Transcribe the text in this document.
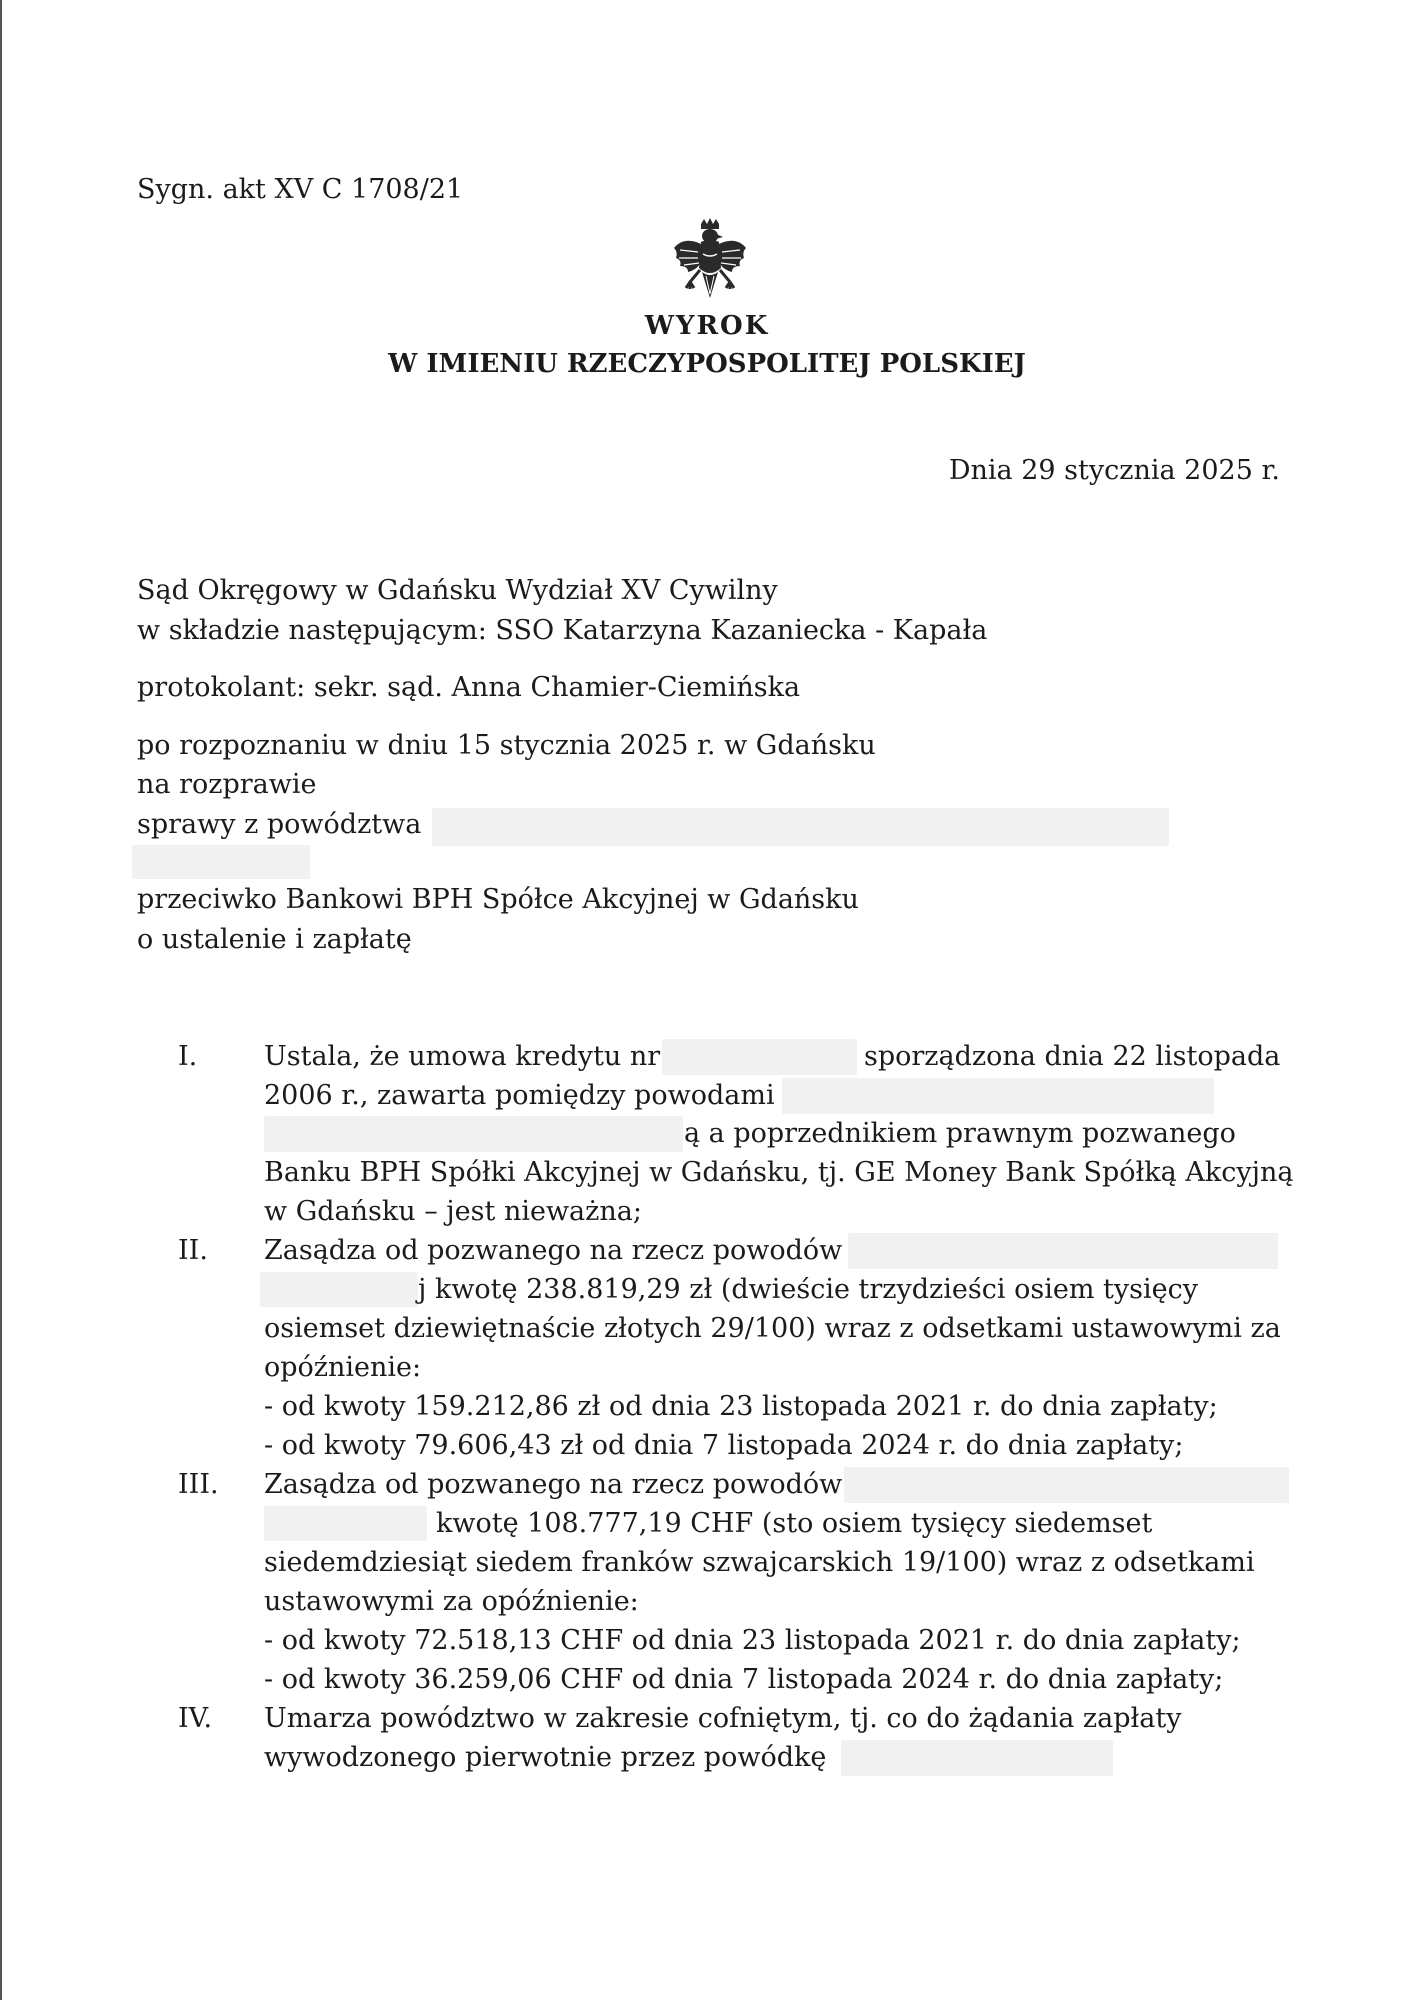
Sygn. akt XV C 1708/21
WYROK
W IMIENIU RZECZYPOSPOLITEJ POLSKIEJ
Dnia 29 stycznia 2025 r.
Sąd Okręgowy w Gdańsku Wydział XV Cywilny
w składzie następującym: SSO Katarzyna Kazaniecka - Kapała
protokolant: sekr. sąd. Anna Chamier-Ciemińska
po rozpoznaniu w dniu 15 stycznia 2025 r. w Gdańsku
na rozprawie
sprawy z powództwa
przeciwko Bankowi BPH Spółce Akcyjnej w Gdańsku
o ustalenie i zapłatę
I. Ustala, że umowa kredytu nr	sporządzona dnia 22 listopada
2006 r., zawarta pomiędzy powodami
ą a poprzednikiem prawnym pozwanego
Banku BPH Spółki Akcyjnej w Gdańsku, tj. GE Money Bank Spółką Akcyjną
w Gdańsku – jest nieważna;
II. Zasądza od pozwanego na rzecz powodów
j kwotę 238.819,29 zł (dwieście trzydzieści osiem tysięcy
osiemset dziewiętnaście złotych 29/100) wraz z odsetkami ustawowymi za
opóźnienie:
- od kwoty 159.212,86 zł od dnia 23 listopada 2021 r. do dnia zapłaty;
- od kwoty 79.606,43 zł od dnia 7 listopada 2024 r. do dnia zapłaty;
III. Zasądza od pozwanego na rzecz powodów
kwotę 108.777,19 CHF (sto osiem tysięcy siedemset
siedemdziesiąt siedem franków szwajcarskich 19/100) wraz z odsetkami
ustawowymi za opóźnienie:
- od kwoty 72.518,13 CHF od dnia 23 listopada 2021 r. do dnia zapłaty;
- od kwoty 36.259,06 CHF od dnia 7 listopada 2024 r. do dnia zapłaty;
IV. Umarza powództwo w zakresie cofniętym, tj. co do żądania zapłaty
wywodzonego pierwotnie przez powódkę
